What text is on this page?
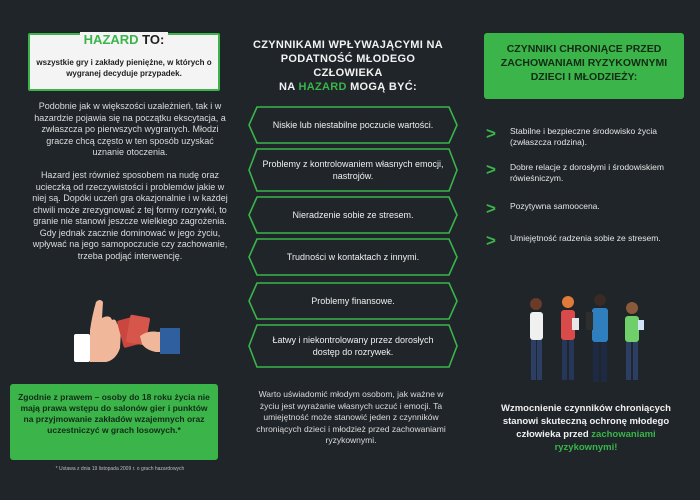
HAZARD TO:
wszystkie gry i zakłady pieniężne, w których o wygranej decyduje przypadek.
Podobnie jak w większości uzależnień, tak i w hazardzie pojawia się na początku ekscytacja, a zwłaszcza po pierwszych wygranych. Młodzi gracze chcą często w ten sposób uzyskać uznanie otoczenia.
Hazard jest również sposobem na nudę oraz ucieczką od rzeczywistości i problemów jakie w niej są. Dopóki uczeń gra okazjonalnie i w każdej chwili może zrezygnować z tej formy rozrywki, to granie nie stanowi jeszcze wielkiego zagrożenia. Gdy jednak zacznie dominować w jego życiu, wpływać na jego samopoczucie czy zachowanie, trzeba podjąć interwencję.
Zgodnie z prawem – osoby do 18 roku życia nie mają prawa wstępu do salonów gier i punktów na przyjmowanie zakładów wzajemnych oraz uczestniczyć w grach losowych.*
* Ustawa z dnia 19 listopada 2009 r. o grach hazardowych
CZYNNIKAMI WPŁYWAJĄCYMI NA
PODATNOŚĆ MŁODEGO CZŁOWIEKA
NA HAZARD MOGĄ BYĆ:
Niskie lub niestabilne poczucie wartości.
Problemy z kontrolowaniem własnych emocji, nastrojów.
Nieradzenie sobie ze stresem.
Trudności w kontaktach z innymi.
Problemy finansowe.
Łatwy i niekontrolowany przez dorosłych dostęp do rozrywek.
Warto uświadomić młodym osobom, jak ważne w życiu jest wyrażanie własnych uczuć i emocji. Ta umiejętność może stanowić jeden z czynników chroniących dzieci i młodzież przed zachowaniami ryzykownymi.
CZYNNIKI CHRONIĄCE PRZED ZACHOWANIAMI RYZYKOWNYMI DZIECI I MŁODZIEŻY:
> Stabilne i bezpieczne środowisko życia (zwłaszcza rodzina).
> Dobre relacje z dorosłymi i środowiskiem rówieśniczym.
> Pozytywna samoocena.
> Umiejętność radzenia sobie ze stresem.
Wzmocnienie czynników chroniących stanowi skuteczną ochronę młodego człowieka przed zachowaniami ryzykownymi!
